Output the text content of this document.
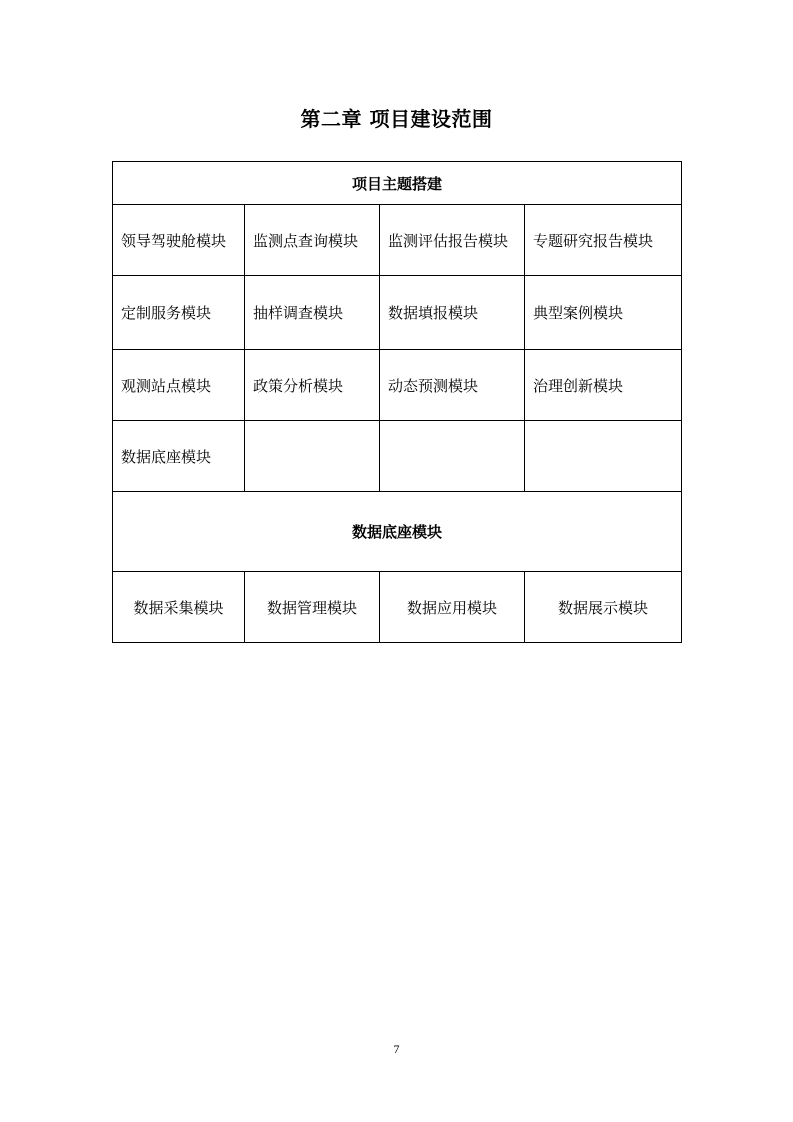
第二章 项目建设范围
项目主题搭建			
领导驾驶舱模块	监测点查询模块	监测评估报告模块	专题研究报告模块
定制服务模块	抽样调查模块	数据填报模块	典型案例模块
观测站点模块	政策分析模块	动态预测模块	治理创新模块
数据底座模块			
数据底座模块			
数据采集模块	数据管理模块	数据应用模块	数据展示模块
7
